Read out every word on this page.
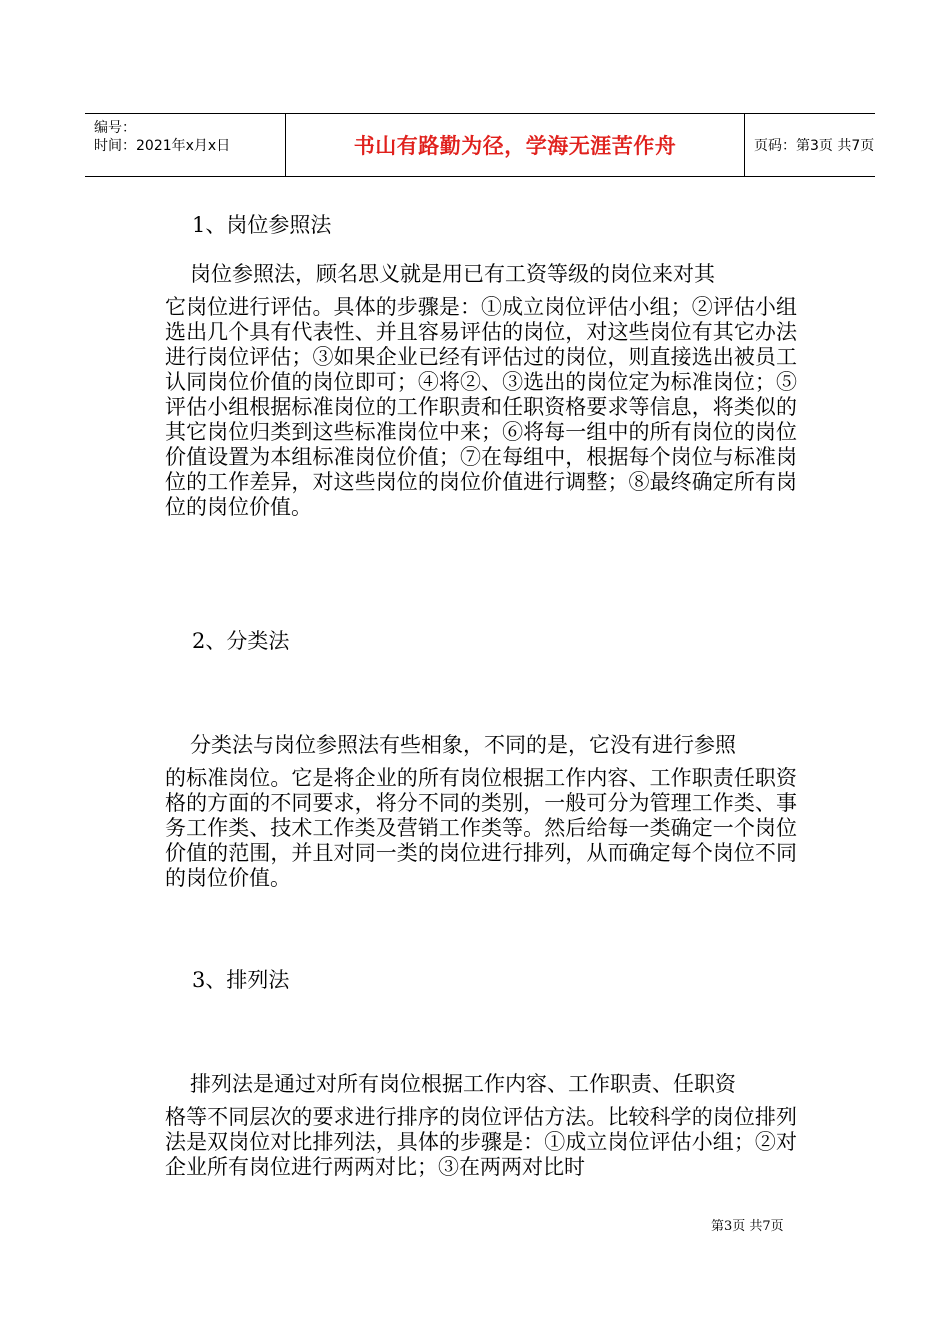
编号：
时间：2021年x月x日	书山有路勤为径，学海无涯苦作舟	页码：第3页 共7页
1、岗位参照法
岗位参照法，顾名思义就是用已有工资等级的岗位来对其
它岗位进行评估。具体的步骤是：①成立岗位评估小组；②评估小组选出几个具有代表性、并且容易评估的岗位，对这些岗位有其它办法进行岗位评估；③如果企业已经有评估过的岗位，则直接选出被员工认同岗位价值的岗位即可；④将②、③选出的岗位定为标准岗位；⑤评估小组根据标准岗位的工作职责和任职资格要求等信息，将类似的其它岗位归类到这些标准岗位中来；⑥将每一组中的所有岗位的岗位价值设置为本组标准岗位价值；⑦在每组中，根据每个岗位与标准岗位的工作差异，对这些岗位的岗位价值进行调整；⑧最终确定所有岗位的岗位价值。
2、分类法
分类法与岗位参照法有些相象，不同的是，它没有进行参照
的标准岗位。它是将企业的所有岗位根据工作内容、工作职责任职资格的方面的不同要求，将分不同的类别，一般可分为管理工作类、事务工作类、技术工作类及营销工作类等。然后给每一类确定一个岗位价值的范围，并且对同一类的岗位进行排列，从而确定每个岗位不同的岗位价值。
3、排列法
排列法是通过对所有岗位根据工作内容、工作职责、任职资
格等不同层次的要求进行排序的岗位评估方法。比较科学的岗位排列法是双岗位对比排列法，具体的步骤是：①成立岗位评估小组；②对企业所有岗位进行两两对比；③在两两对比时
第3页 共7页
